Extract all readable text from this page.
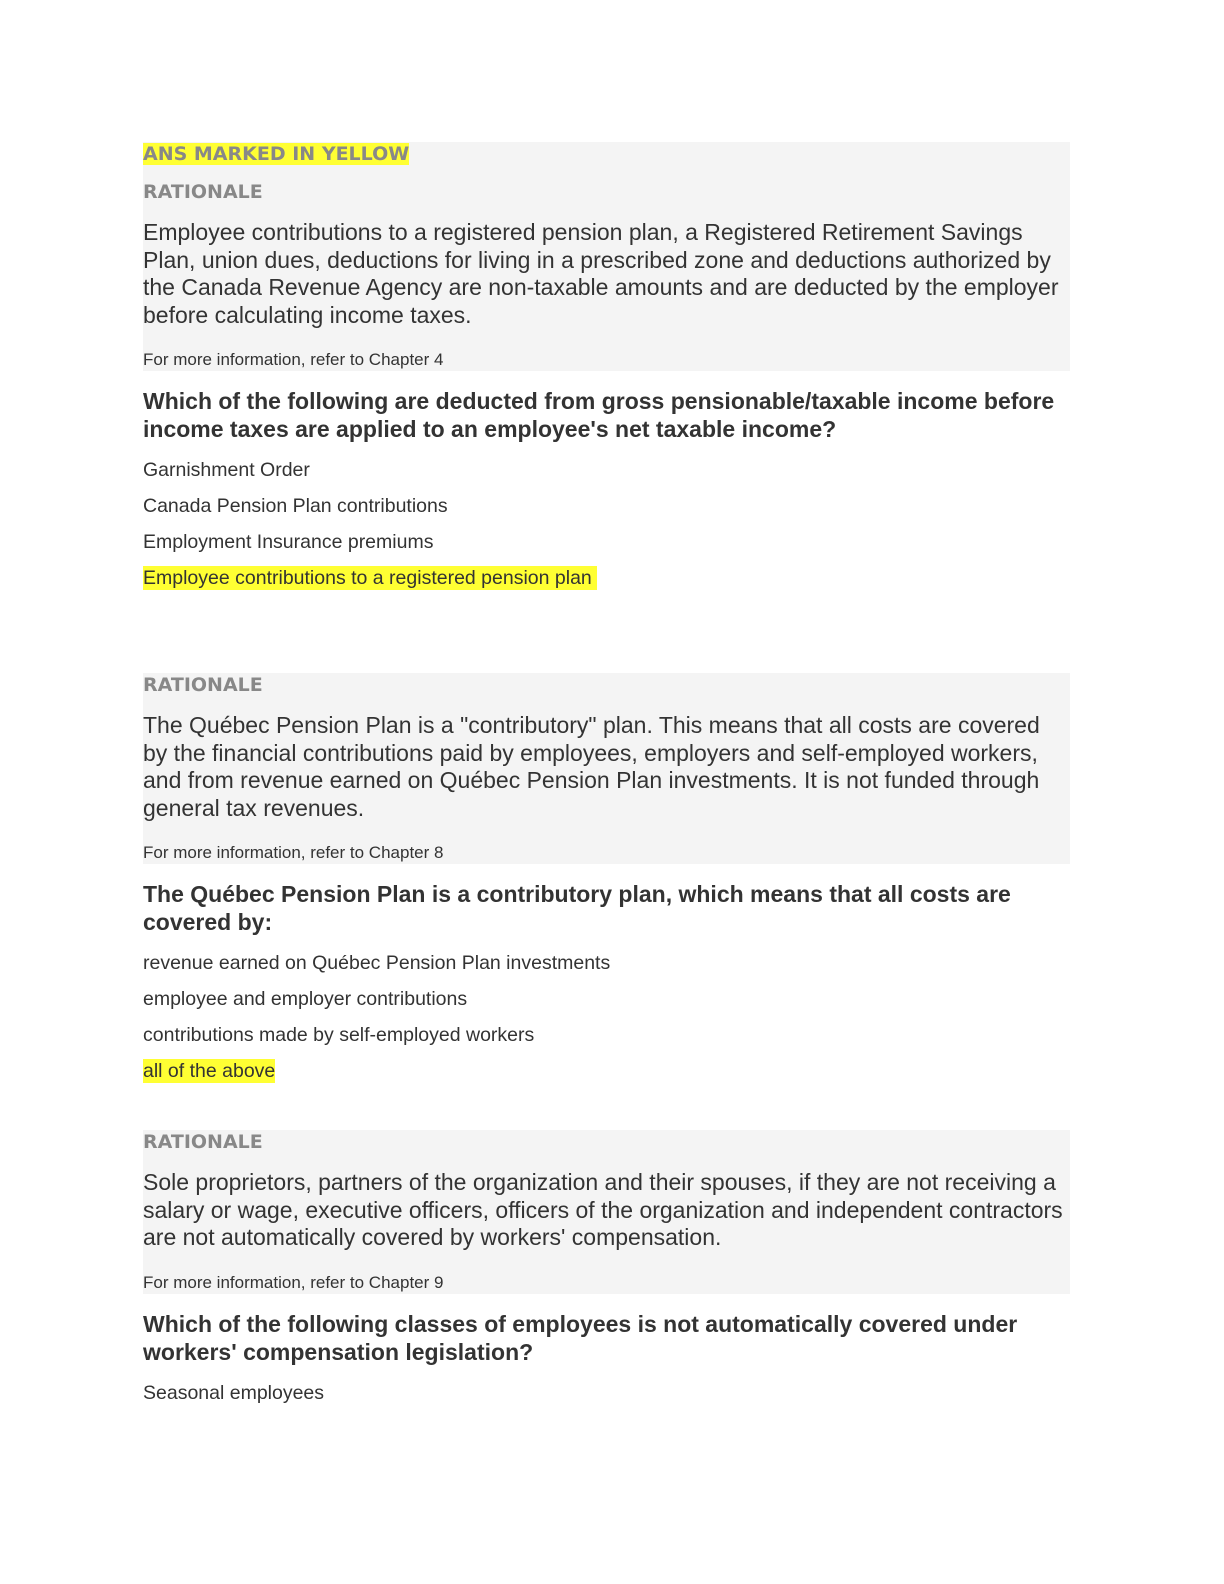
ANS MARKED IN YELLOW
RATIONALE
Employee contributions to a registered pension plan, a Registered Retirement Savings Plan, union dues, deductions for living in a prescribed zone and deductions authorized by the Canada Revenue Agency are non-taxable amounts and are deducted by the employer before calculating income taxes.
For more information, refer to Chapter 4
Which of the following are deducted from gross pensionable/taxable income before income taxes are applied to an employee's net taxable income?
Garnishment Order
Canada Pension Plan contributions
Employment Insurance premiums
Employee contributions to a registered pension plan
RATIONALE
The Québec Pension Plan is a "contributory" plan. This means that all costs are covered by the financial contributions paid by employees, employers and self-employed workers, and from revenue earned on Québec Pension Plan investments. It is not funded through general tax revenues.
For more information, refer to Chapter 8
The Québec Pension Plan is a contributory plan, which means that all costs are covered by:
revenue earned on Québec Pension Plan investments
employee and employer contributions
contributions made by self-employed workers
all of the above
RATIONALE
Sole proprietors, partners of the organization and their spouses, if they are not receiving a salary or wage, executive officers, officers of the organization and independent contractors are not automatically covered by workers' compensation.
For more information, refer to Chapter 9
Which of the following classes of employees is not automatically covered under workers' compensation legislation?
Seasonal employees
